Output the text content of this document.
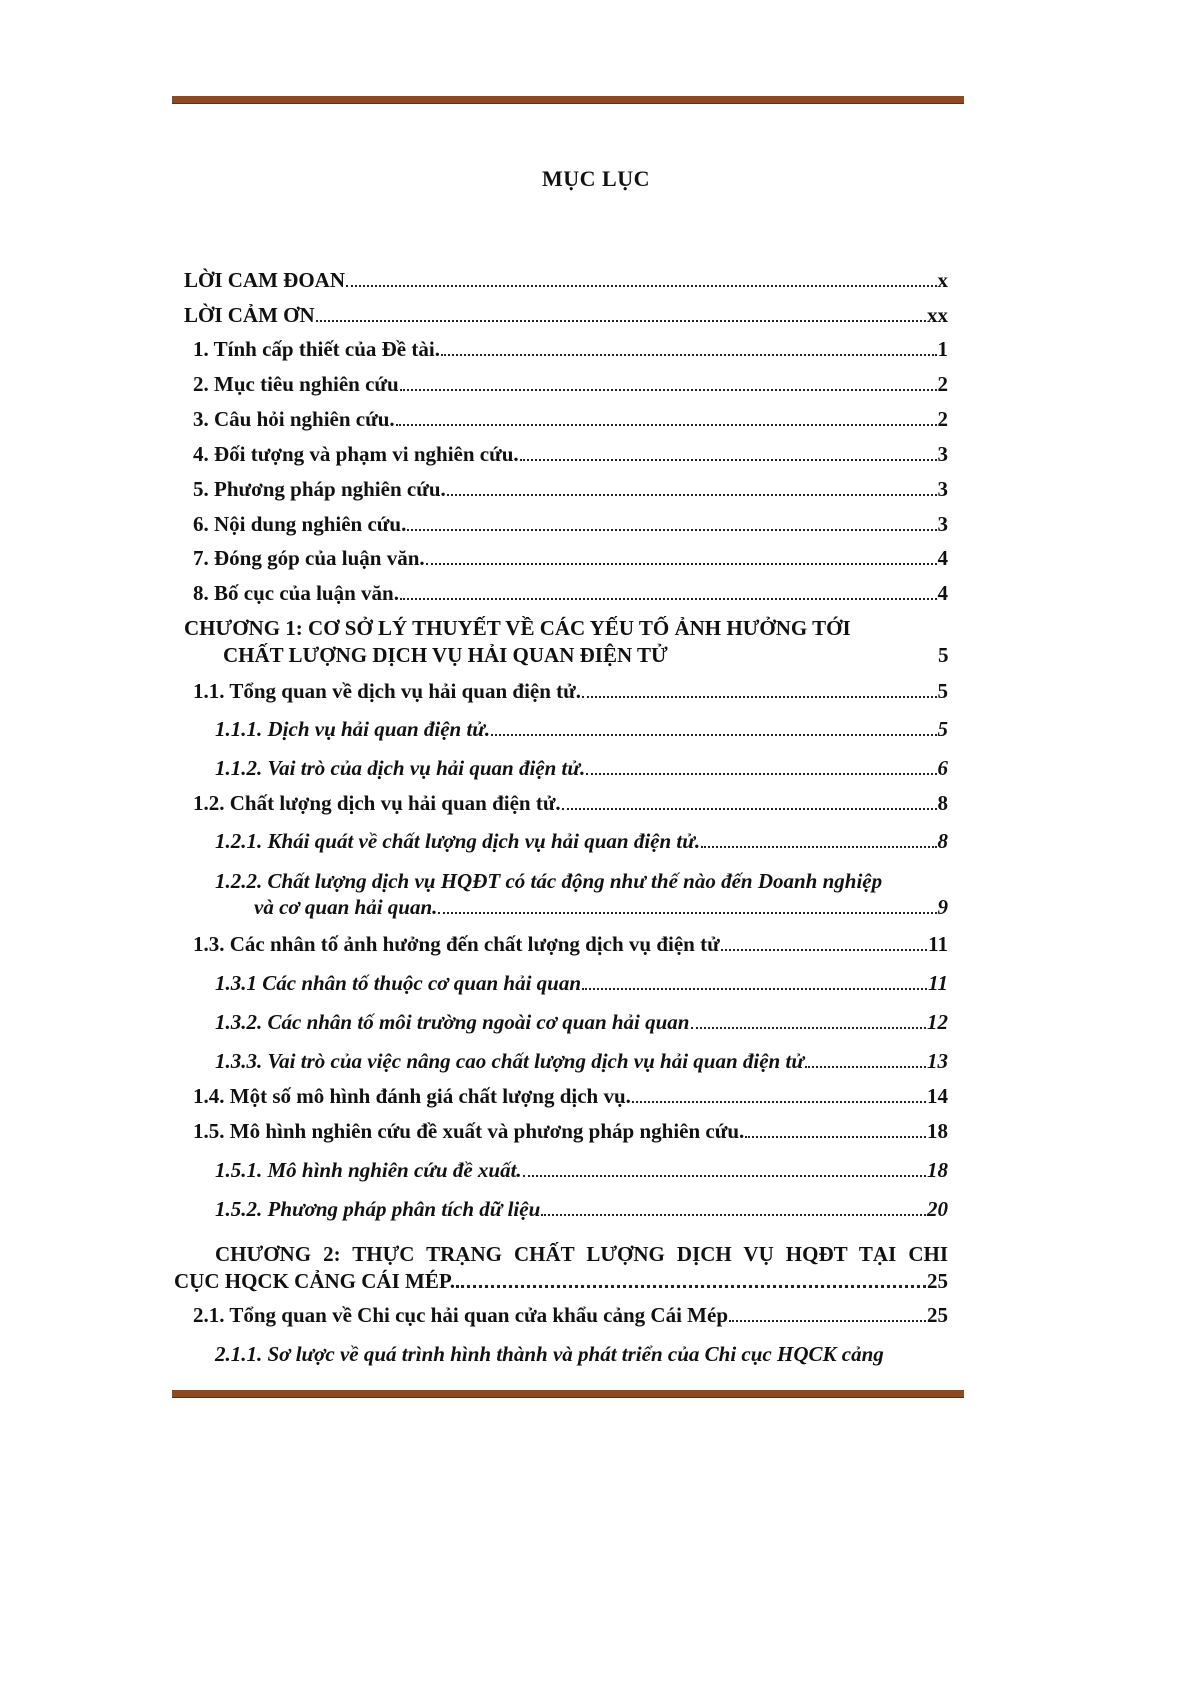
MỤC LỤC
LỜI CAM ĐOAN	x
LỜI CẢM ƠN	xx
1. Tính cấp thiết của Đề tài.	1
2. Mục tiêu nghiên cứu	2
3. Câu hỏi nghiên cứu.	2
4. Đối tượng và phạm vi nghiên cứu.	3
5. Phương pháp nghiên cứu.	3
6. Nội dung nghiên cứu.	3
7. Đóng góp của luận văn.	4
8. Bố cục của luận văn.	4
CHƯƠNG 1: CƠ SỞ LÝ THUYẾT VỀ CÁC YẾU TỐ ẢNH HƯỞNG TỚI
CHẤT LƯỢNG DỊCH VỤ HẢI QUAN ĐIỆN TỬ	5
1.1. Tổng quan về dịch vụ hải quan điện tử.	5
1.1.1. Dịch vụ hải quan điện tử.	5
1.1.2. Vai trò của dịch vụ hải quan điện tử.	6
1.2. Chất lượng dịch vụ hải quan điện tử.	8
1.2.1. Khái quát về chất lượng dịch vụ hải quan điện tử.	8
1.2.2. Chất lượng dịch vụ HQĐT có tác động như thế nào đến Doanh nghiệp
và cơ quan hải quan.	9
1.3. Các nhân tố ảnh hưởng đến chất lượng dịch vụ điện tử	11
1.3.1 Các nhân tố thuộc cơ quan hải quan	11
1.3.2. Các nhân tố môi trường ngoài cơ quan hải quan	12
1.3.3. Vai trò của việc nâng cao chất lượng dịch vụ hải quan điện tử	13
1.4. Một số mô hình đánh giá chất lượng dịch vụ.	14
1.5. Mô hình nghiên cứu đề xuất và phương pháp nghiên cứu.	18
1.5.1. Mô hình nghiên cứu đề xuất.	18
1.5.2. Phương pháp phân tích dữ liệu	20
CHƯƠNG 2: THỰC TRẠNG CHẤT LƯỢNG DỊCH VỤ HQĐT TẠI CHI
CỤC HQCK CẢNG CÁI MÉP.	25
2.1. Tổng quan về Chi cục hải quan cửa khẩu cảng Cái Mép	25
2.1.1. Sơ lược về quá trình hình thành và phát triển của Chi cục HQCK cảng
